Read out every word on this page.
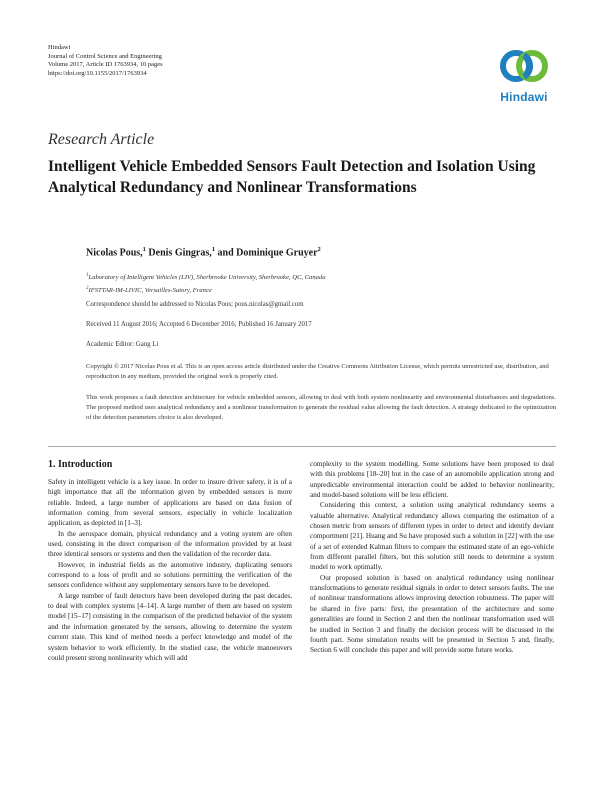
Hindawi
Journal of Control Science and Engineering
Volume 2017, Article ID 1763934, 10 pages
https://doi.org/10.1155/2017/1763934
Hindawi
Research Article
Intelligent Vehicle Embedded Sensors Fault Detection and Isolation Using Analytical Redundancy and Nonlinear Transformations
Nicolas Pous,$^1$ Denis Gingras,$^1$ and Dominique Gruyer$^2$
$^1$Laboratory of Intelligent Vehicles (LIV), Sherbrooke University, Sherbrooke, QC, Canada
$^2$IFSTTAR-IM-LIVIC, Versailles-Satory, France
Correspondence should be addressed to Nicolas Pous; pous.nicolas@gmail.com
Received 11 August 2016; Accepted 6 December 2016; Published 16 January 2017
Academic Editor: Gang Li
Copyright © 2017 Nicolas Pous et al. This is an open access article distributed under the Creative Commons Attribution License, which permits unrestricted use, distribution, and reproduction in any medium, provided the original work is properly cited.
This work proposes a fault detection architecture for vehicle embedded sensors, allowing to deal with both system nonlinearity and environmental disturbances and degradations. The proposed method uses analytical redundancy and a nonlinear transformation to generate the residual value allowing the fault detection. A strategy dedicated to the optimization of the detection parameters choice is also developed.
1. Introduction

Safety in intelligent vehicle is a key issue. In order to insure driver safety, it is of a high importance that all the information given by embedded sensors is more reliable. Indeed, a large number of applications are based on data fusion of information coming from several sensors, especially in vehicle localization application, as depicted in [1–3].

In the aerospace domain, physical redundancy and a voting system are often used, consisting in the direct comparison of the information provided by at least three identical sensors or systems and then the validation of the recorder data.

However, in industrial fields as the automotive industry, duplicating sensors correspond to a loss of profit and so solutions permitting the verification of the sensors confidence without any supplementary sensors have to be developed.

A large number of fault detectors have been developed during the past decades, to deal with complex systems [4–14]. A large number of them are based on system model [15–17] consisting in the comparison of the predicted behavior of the system and the information generated by the sensors, allowing to determine the system current state. This kind of method needs a perfect knowledge and model of the system behavior to work efficiently. In the studied case, the vehicle manoeuvers could present strong nonlinearity which will add

complexity to the system modelling. Some solutions have been proposed to deal with this problems [18–20] but in the case of an automobile application strong and unpredictable environmental interaction could be added to behavior nonlinearity, and model-based solutions will be less efficient.

Considering this context, a solution using analytical redundancy seems a valuable alternative. Analytical redundancy allows comparing the estimation of a chosen metric from sensors of different types in order to detect and identify deviant comportment [21]. Huang and Su have proposed such a solution in [22] with the use of a set of extended Kalman filters to compare the estimated state of an ego-vehicle from different parallel filters, but this solution still needs to determine a system model to work optimally.

Our proposed solution is based on analytical redundancy using nonlinear transformations to generate residual signals in order to detect sensors faults. The use of nonlinear transformations allows improving detection robustness. The paper will be shared in five parts: first, the presentation of the architecture and some generalities are found in Section 2 and then the nonlinear transformation used will be studied in Section 3 and finally the decision process will be discussed in the fourth part. Some simulation results will be presented in Section 5 and, finally, Section 6 will conclude this paper and will provide some future works.
